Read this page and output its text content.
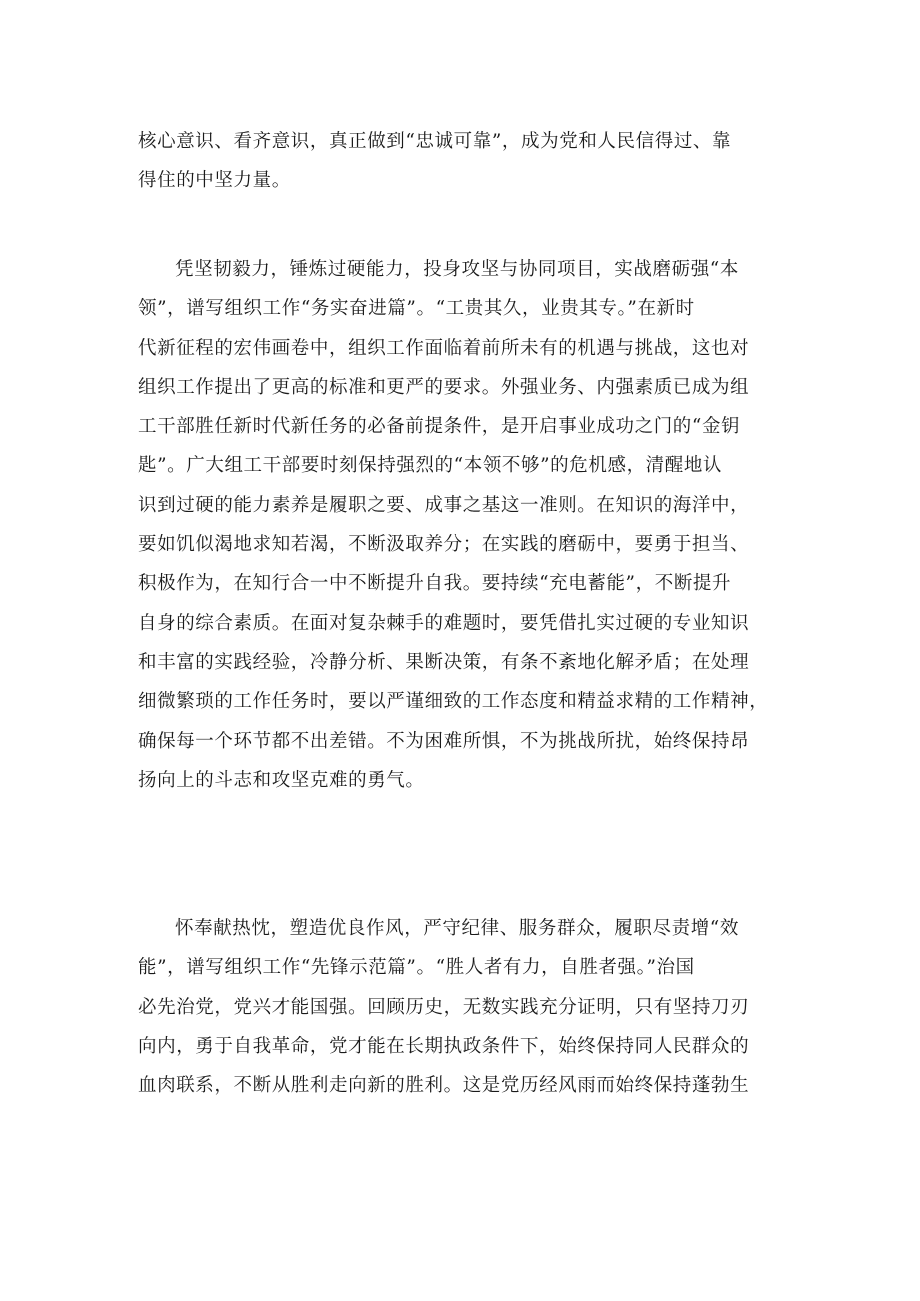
核心意识、看齐意识，真正做到“忠诚可靠”，成为党和人民信得过、靠
得住的中坚力量。

凭坚韧毅力，锤炼过硬能力，投身攻坚与协同项目，实战磨砺强“本
领”，谱写组织工作“务实奋进篇”。“工贵其久，业贵其专。”在新时
代新征程的宏伟画卷中，组织工作面临着前所未有的机遇与挑战，这也对
组织工作提出了更高的标准和更严的要求。外强业务、内强素质已成为组
工干部胜任新时代新任务的必备前提条件，是开启事业成功之门的“金钥
匙”。广大组工干部要时刻保持强烈的“本领不够”的危机感，清醒地认
识到过硬的能力素养是履职之要、成事之基这一准则。在知识的海洋中，
要如饥似渴地求知若渴，不断汲取养分；在实践的磨砺中，要勇于担当、
积极作为，在知行合一中不断提升自我。要持续“充电蓄能”，不断提升
自身的综合素质。在面对复杂棘手的难题时，要凭借扎实过硬的专业知识
和丰富的实践经验，冷静分析、果断决策，有条不紊地化解矛盾；在处理
细微繁琐的工作任务时，要以严谨细致的工作态度和精益求精的工作精神，
确保每一个环节都不出差错。不为困难所惧，不为挑战所扰，始终保持昂
扬向上的斗志和攻坚克难的勇气。

怀奉献热忱，塑造优良作风，严守纪律、服务群众，履职尽责增“效
能”，谱写组织工作“先锋示范篇”。“胜人者有力，自胜者强。”治国
必先治党，党兴才能国强。回顾历史，无数实践充分证明，只有坚持刀刃
向内，勇于自我革命，党才能在长期执政条件下，始终保持同人民群众的
血肉联系，不断从胜利走向新的胜利。这是党历经风雨而始终保持蓬勃生
